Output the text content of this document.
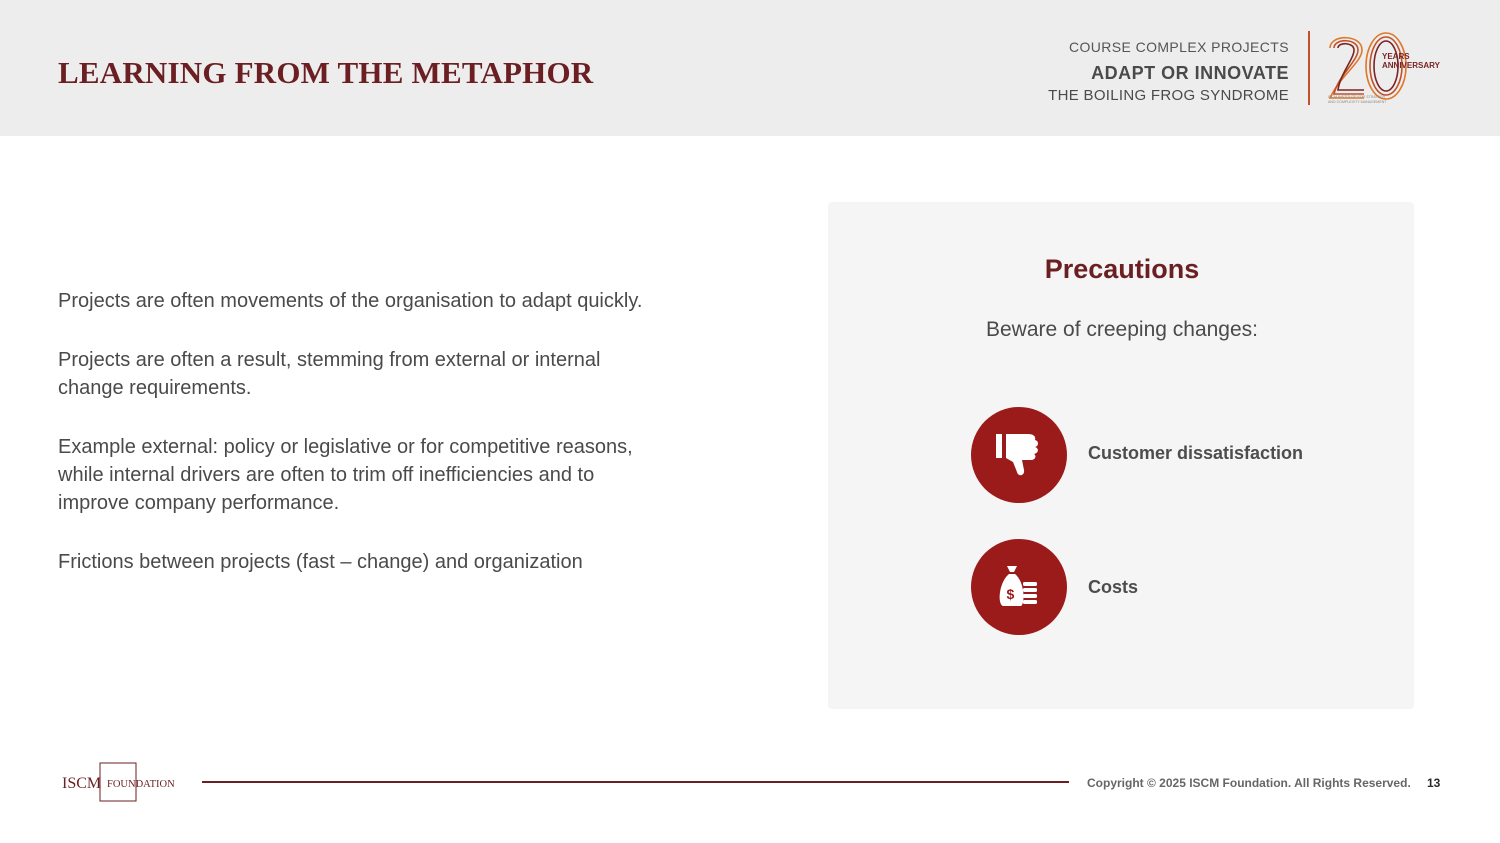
LEARNING FROM THE METAPHOR
COURSE COMPLEX PROJECTS
ADAPT OR INNOVATE
THE BOILING FROG SYNDROME
YEARS
ANNIVERSARY
ISCM INSTITUTE FOR STRATEGY
AND COMPLEXITY MANAGEMENT

Projects are often movements of the organisation to adapt quickly.

Projects are often a result, stemming from external or internal change requirements.

Example external: policy or legislative or for competitive reasons, while internal drivers are often to trim off inefficiencies and to improve company performance.

Frictions between projects (fast – change) and organization

Precautions
Beware of creeping changes:
Customer dissatisfaction
$	Costs
ISCM FOUNDATION	Copyright © 2025 ISCM Foundation. All Rights Reserved. 13
